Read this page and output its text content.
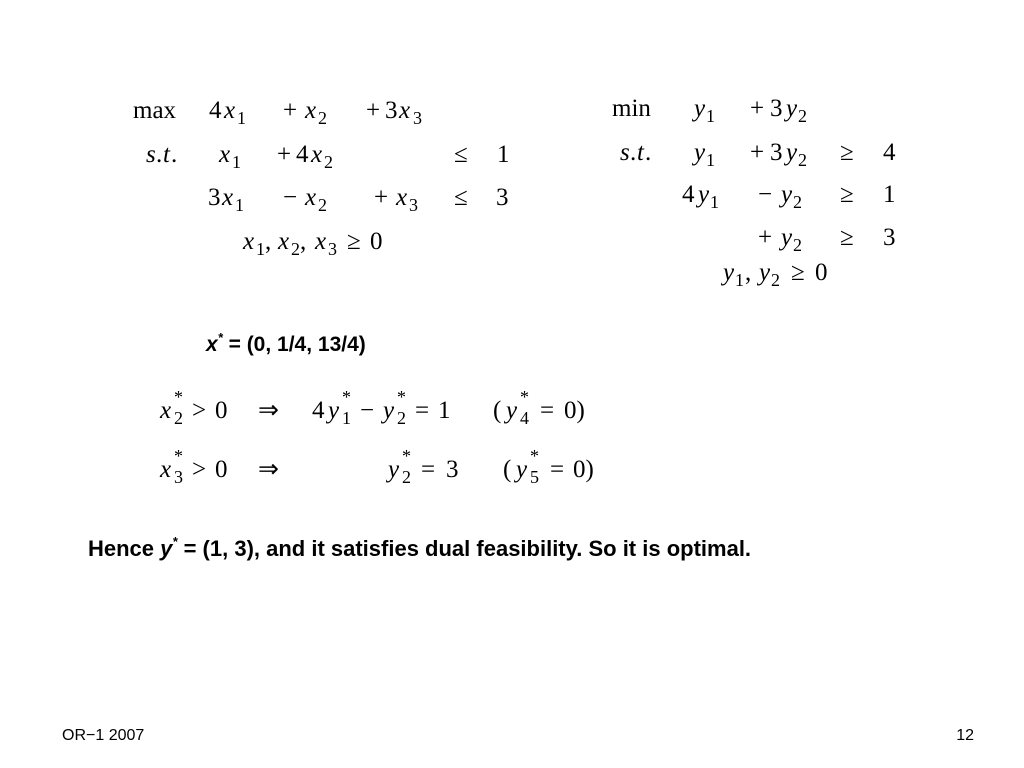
max 4 x 1 + x 2 + 3 x 3
s . t . x 1 + 4 x 2	≤ 1
3 x 1 − x 2 + x 3 ≤ 3
x 1 , x 2 , x 3 ≥ 0
min y 1 + 3 y 2
s . t . y 1 + 3 y 2 ≥ 4
4 y 1 − y 2 ≥ 1
+ y 2 ≥ 3
y 1 , y 2 ≥ 0
x *
2 > 0 ⇒ 4 y *
1 − y *
2 = 1 ( y *
4 = 0)
x *
3 > 0 ⇒	y *
2 = 3 ( y *
5 = 0)
x* = (0, 1/4, 13/4)
Hence y* = (1, 3), and it satisfies dual feasibility. So it is optimal.
OR−1 2007	12
